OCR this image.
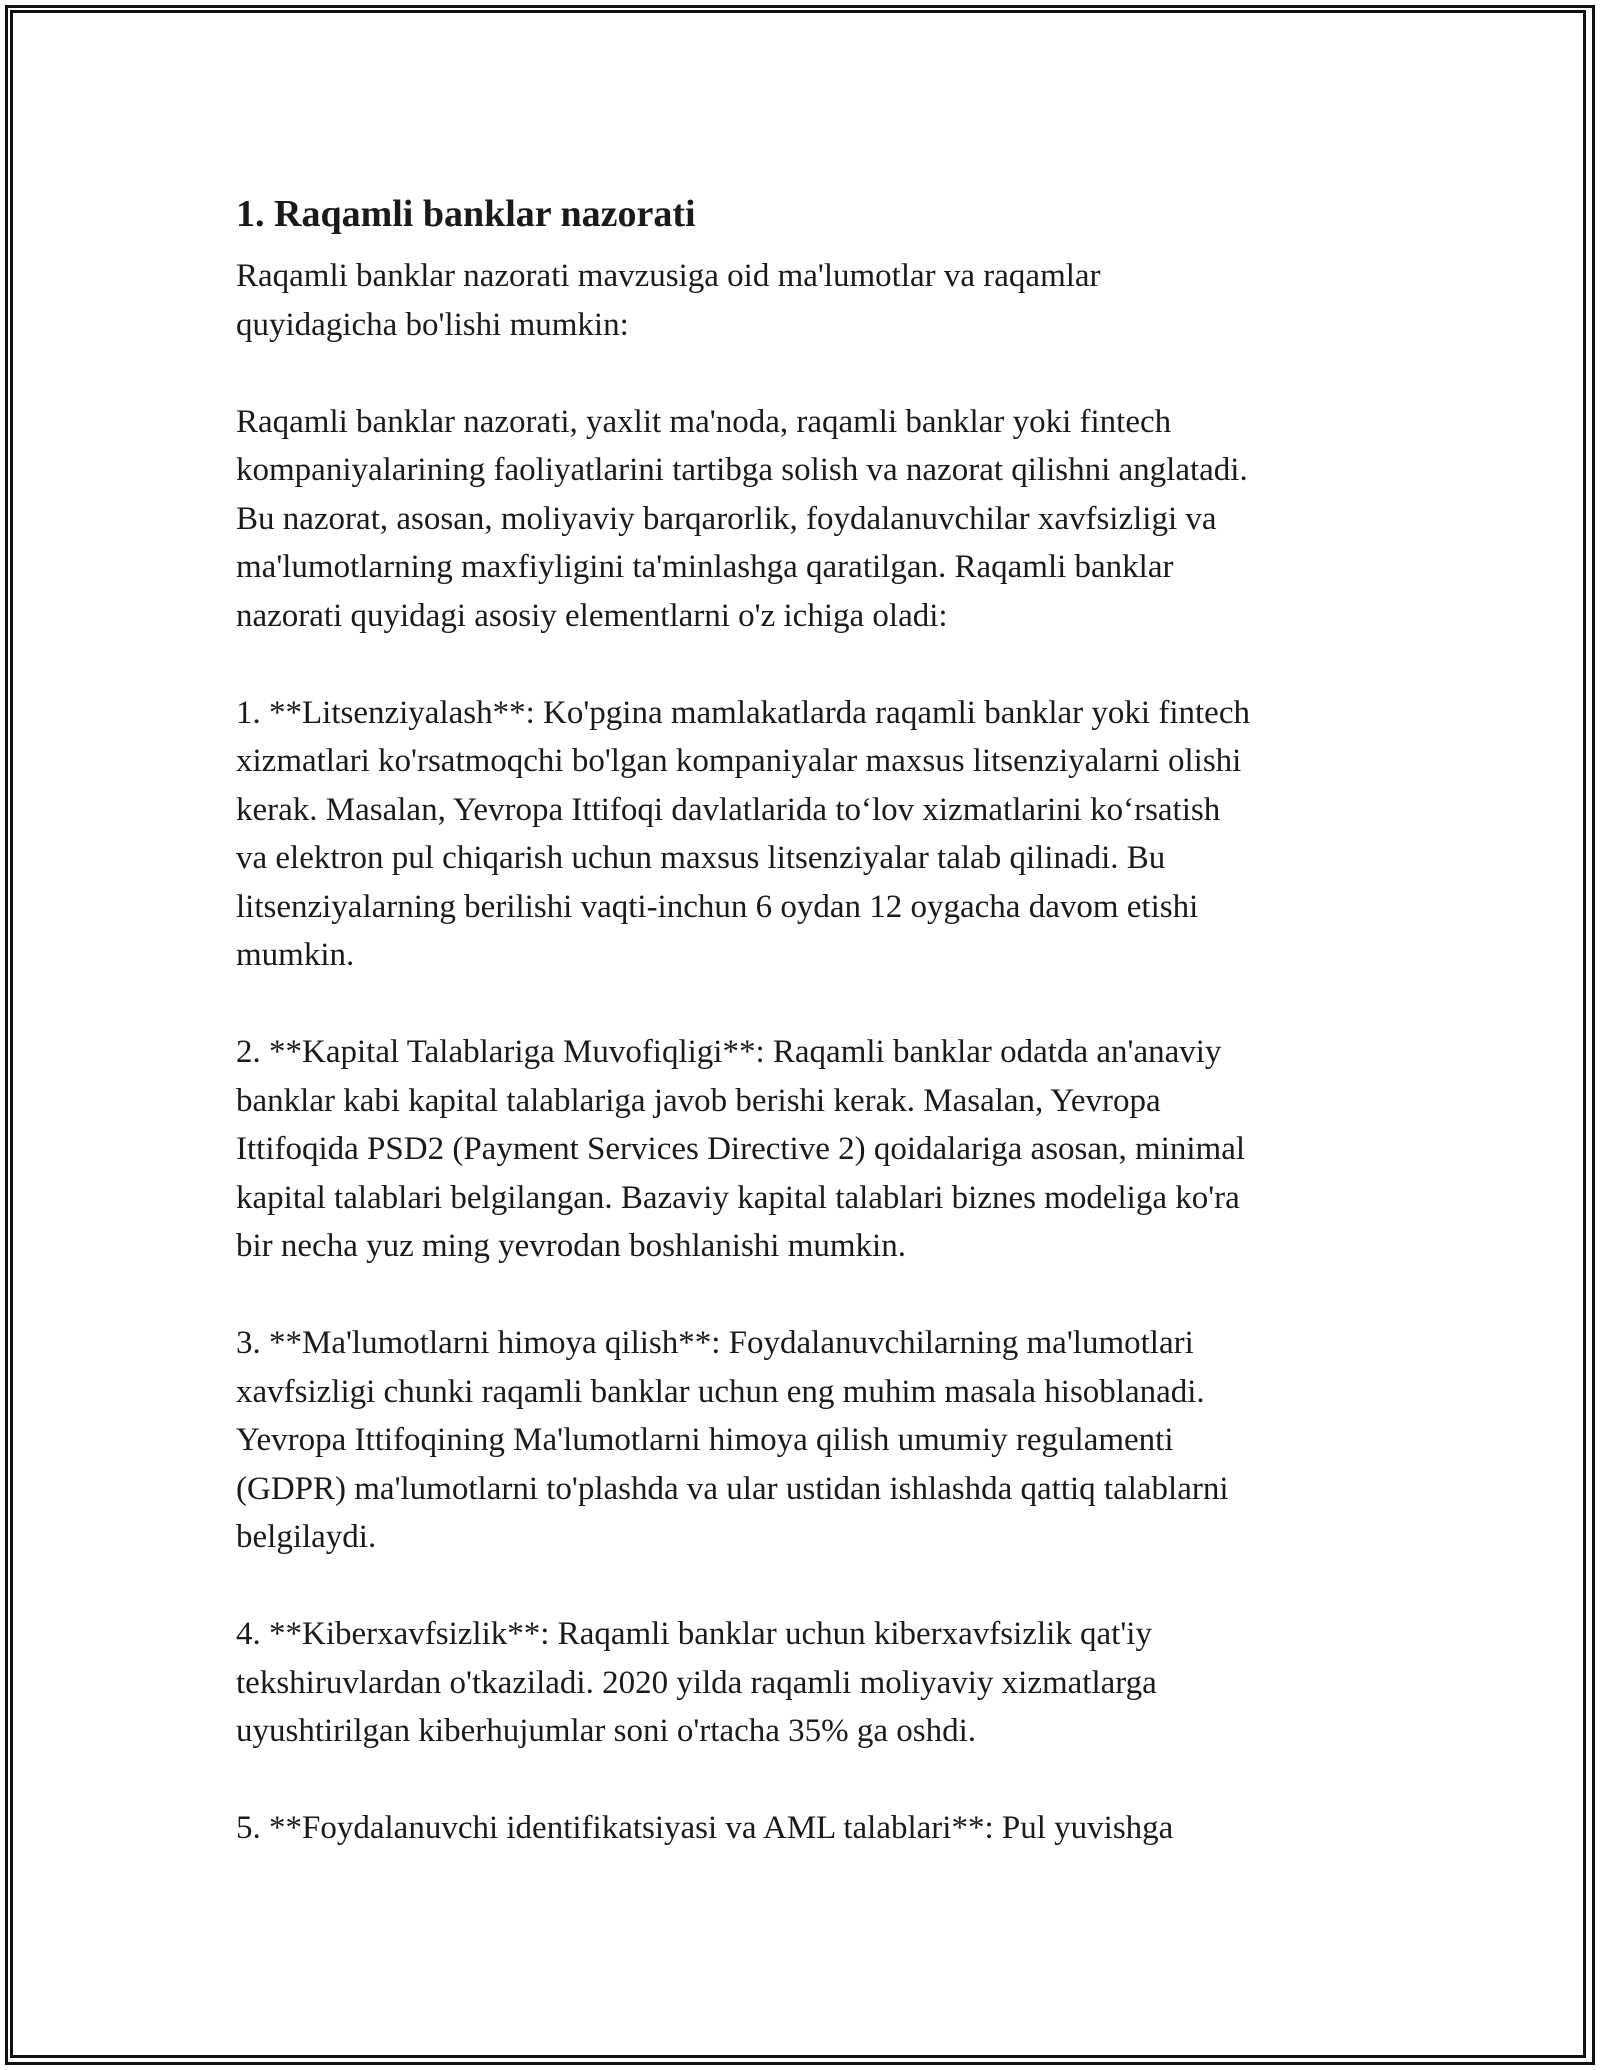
1. Raqamli banklar nazorati

Raqamli banklar nazorati mavzusiga oid ma'lumotlar va raqamlar
quyidagicha bo'lishi mumkin:

Raqamli banklar nazorati, yaxlit ma'noda, raqamli banklar yoki fintech
kompaniyalarining faoliyatlarini tartibga solish va nazorat qilishni anglatadi.
Bu nazorat, asosan, moliyaviy barqarorlik, foydalanuvchilar xavfsizligi va
ma'lumotlarning maxfiyligini ta'minlashga qaratilgan. Raqamli banklar
nazorati quyidagi asosiy elementlarni o'z ichiga oladi:

1. **Litsenziyalash**: Ko'pgina mamlakatlarda raqamli banklar yoki fintech
xizmatlari ko'rsatmoqchi bo'lgan kompaniyalar maxsus litsenziyalarni olishi
kerak. Masalan, Yevropa Ittifoqi davlatlarida to‘lov xizmatlarini ko‘rsatish
va elektron pul chiqarish uchun maxsus litsenziyalar talab qilinadi. Bu
litsenziyalarning berilishi vaqti-inchun 6 oydan 12 oygacha davom etishi
mumkin.

2. **Kapital Talablariga Muvofiqligi**: Raqamli banklar odatda an'anaviy
banklar kabi kapital talablariga javob berishi kerak. Masalan, Yevropa
Ittifoqida PSD2 (Payment Services Directive 2) qoidalariga asosan, minimal
kapital talablari belgilangan. Bazaviy kapital talablari biznes modeliga ko'ra
bir necha yuz ming yevrodan boshlanishi mumkin.

3. **Ma'lumotlarni himoya qilish**: Foydalanuvchilarning ma'lumotlari
xavfsizligi chunki raqamli banklar uchun eng muhim masala hisoblanadi.
Yevropa Ittifoqining Ma'lumotlarni himoya qilish umumiy regulamenti
(GDPR) ma'lumotlarni to'plashda va ular ustidan ishlashda qattiq talablarni
belgilaydi.

4. **Kiberxavfsizlik**: Raqamli banklar uchun kiberxavfsizlik qat'iy
tekshiruvlardan o'tkaziladi. 2020 yilda raqamli moliyaviy xizmatlarga
uyushtirilgan kiberhujumlar soni o'rtacha 35% ga oshdi.

5. **Foydalanuvchi identifikatsiyasi va AML talablari**: Pul yuvishga
